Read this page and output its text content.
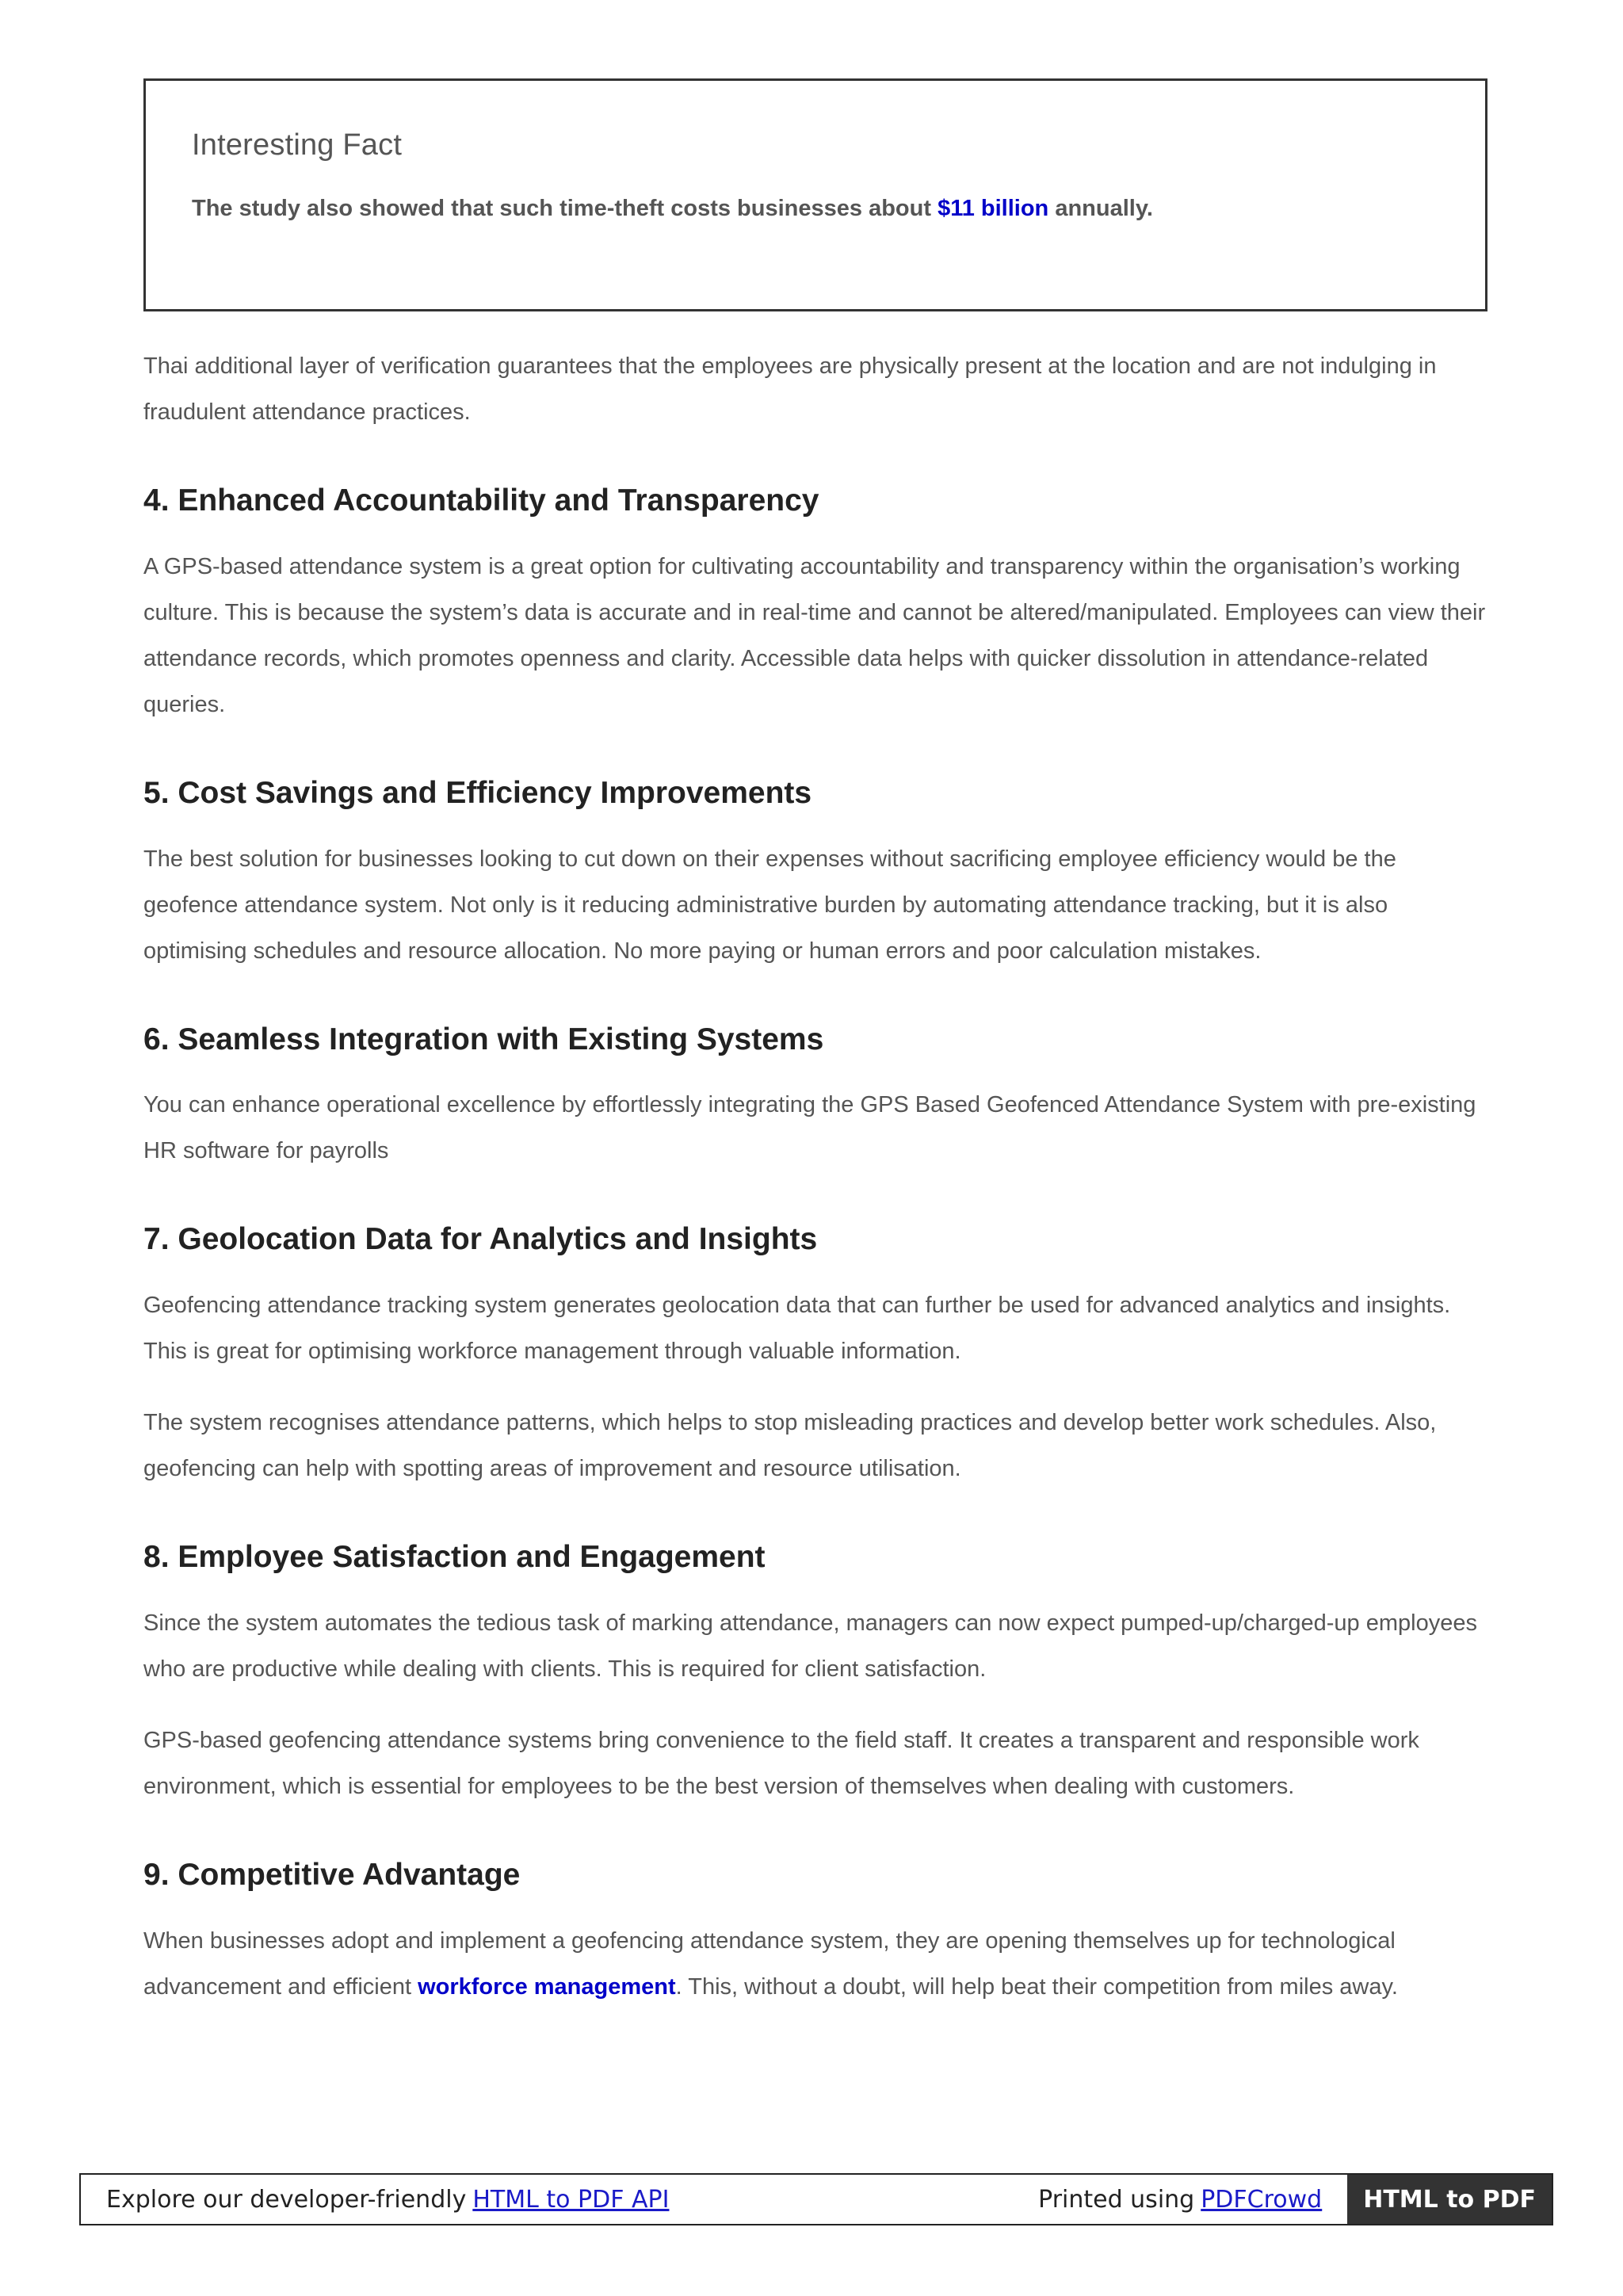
Interesting Fact
The study also showed that such time-theft costs businesses about $11 billion annually.

Thai additional layer of verification guarantees that the employees are physically present at the location and are not indulging in fraudulent attendance practices.

4. Enhanced Accountability and Transparency

A GPS-based attendance system is a great option for cultivating accountability and transparency within the organisation’s working culture. This is because the system’s data is accurate and in real-time and cannot be altered/manipulated. Employees can view their attendance records, which promotes openness and clarity. Accessible data helps with quicker dissolution in attendance-related queries.

5. Cost Savings and Efficiency Improvements

The best solution for businesses looking to cut down on their expenses without sacrificing employee efficiency would be the geofence attendance system. Not only is it reducing administrative burden by automating attendance tracking, but it is also optimising schedules and resource allocation. No more paying or human errors and poor calculation mistakes.

6. Seamless Integration with Existing Systems

You can enhance operational excellence by effortlessly integrating the GPS Based Geofenced Attendance System with pre-existing HR software for payrolls

7. Geolocation Data for Analytics and Insights

Geofencing attendance tracking system generates geolocation data that can further be used for advanced analytics and insights. This is great for optimising workforce management through valuable information.

The system recognises attendance patterns, which helps to stop misleading practices and develop better work schedules. Also, geofencing can help with spotting areas of improvement and resource utilisation.

8. Employee Satisfaction and Engagement

Since the system automates the tedious task of marking attendance, managers can now expect pumped-up/charged-up employees who are productive while dealing with clients. This is required for client satisfaction.

GPS-based geofencing attendance systems bring convenience to the field staff. It creates a transparent and responsible work environment, which is essential for employees to be the best version of themselves when dealing with customers.

9. Competitive Advantage

When businesses adopt and implement a geofencing attendance system, they are opening themselves up for technological advancement and efficient workforce management. This, without a doubt, will help beat their competition from miles away.

Explore our developer-friendly HTML to PDF API	Printed using PDFCrowd	HTML to PDF
